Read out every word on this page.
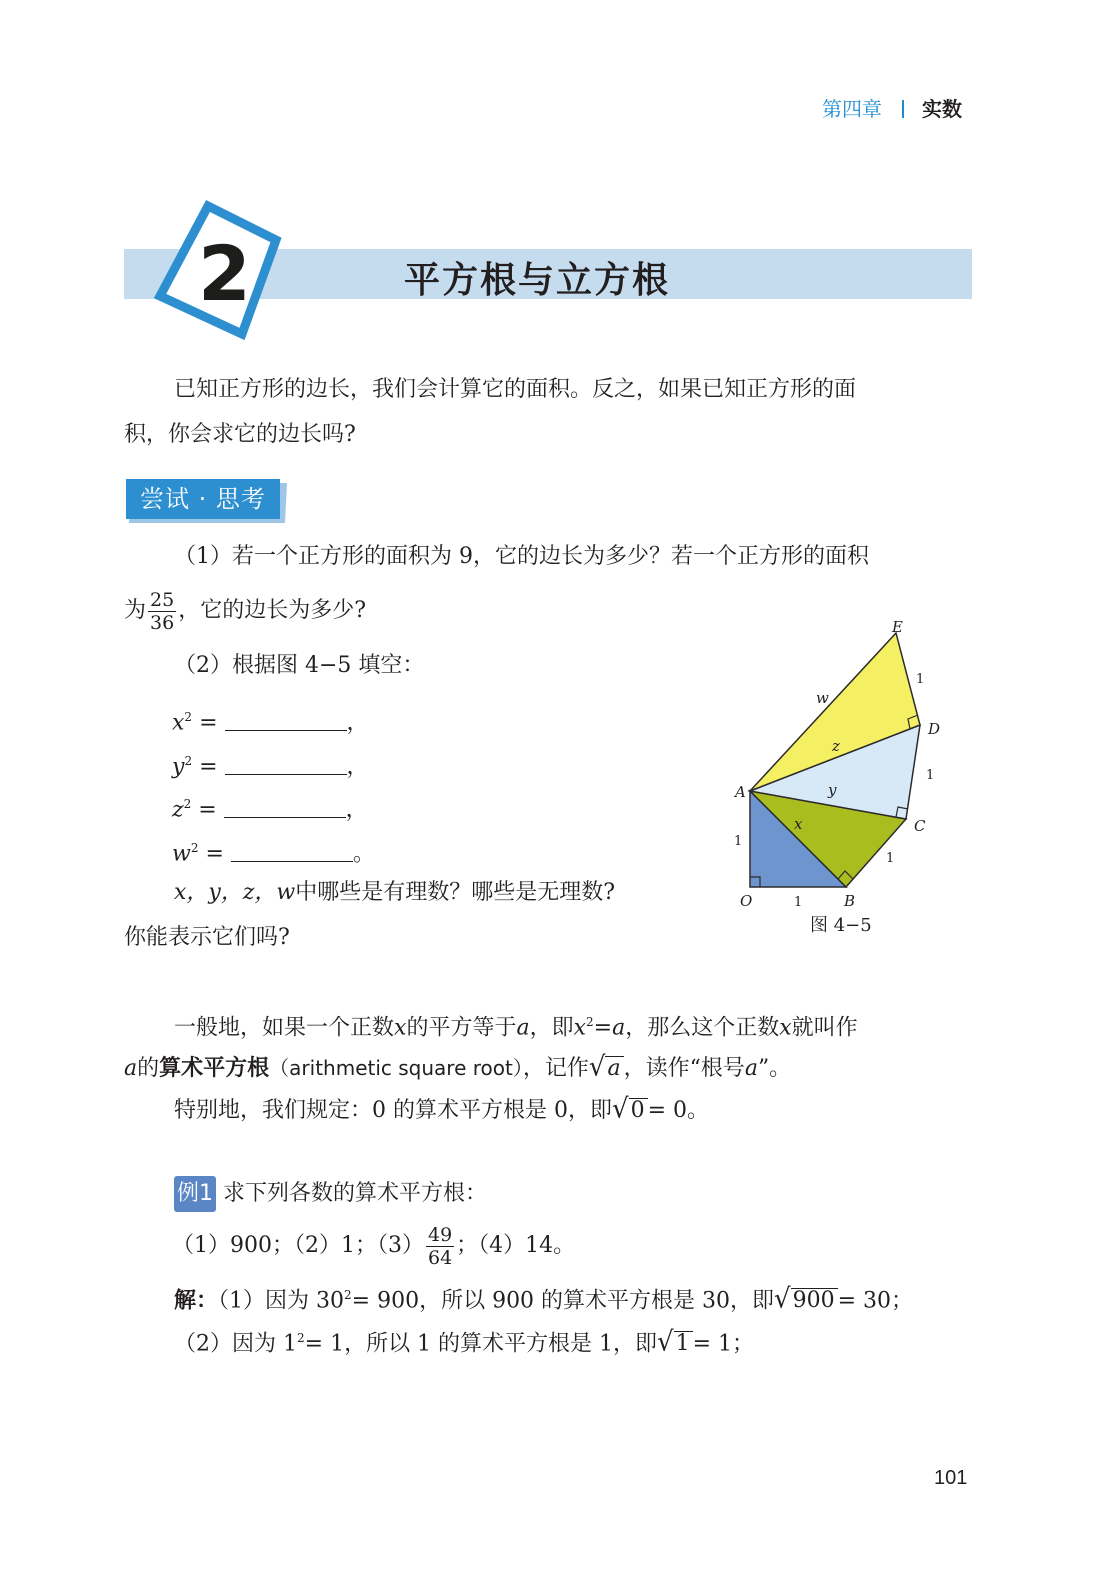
第四章 实数
2	平方根与立方根
已知正方形的边长，我们会计算它的面积。反之，如果已知正方形的面
积，你会求它的边长吗?
尝试 · 思考
（1）若一个正方形的面积为 9，它的边长为多少？若一个正方形的面积
为 $\frac{25}{36}$ ，它的边长为多少?
（2）根据图 4−5 填空：
$x^2$ =	，
$y^2$ =	，
$z^2$ =	，
$w^2$ =	。
x，y，z，w中哪些是有理数？哪些是无理数?
你能表示它们吗?
E
D
A
C
O	B
w
z
y
x
1
1
1
1
1
图 4−5
一般地，如果一个正数x的平方等于a，即$x^2=a$，那么这个正数x就叫作
a的算术平方根（arithmetic square root），记作√a ，读作“根号a”。
特别地，我们规定：0 的算术平方根是 0，即√0 = 0。
例1 求下列各数的算术平方根：
（1）900；（2）1；$(3) \frac{49}{64}$ ；（4）14。
解：（1）因为 $30^2= 900$，所以 900 的算术平方根是 30，即√900 = 30；
（2）因为 $1^2= 1$，所以 1 的算术平方根是 1，即√1 = 1；
101
